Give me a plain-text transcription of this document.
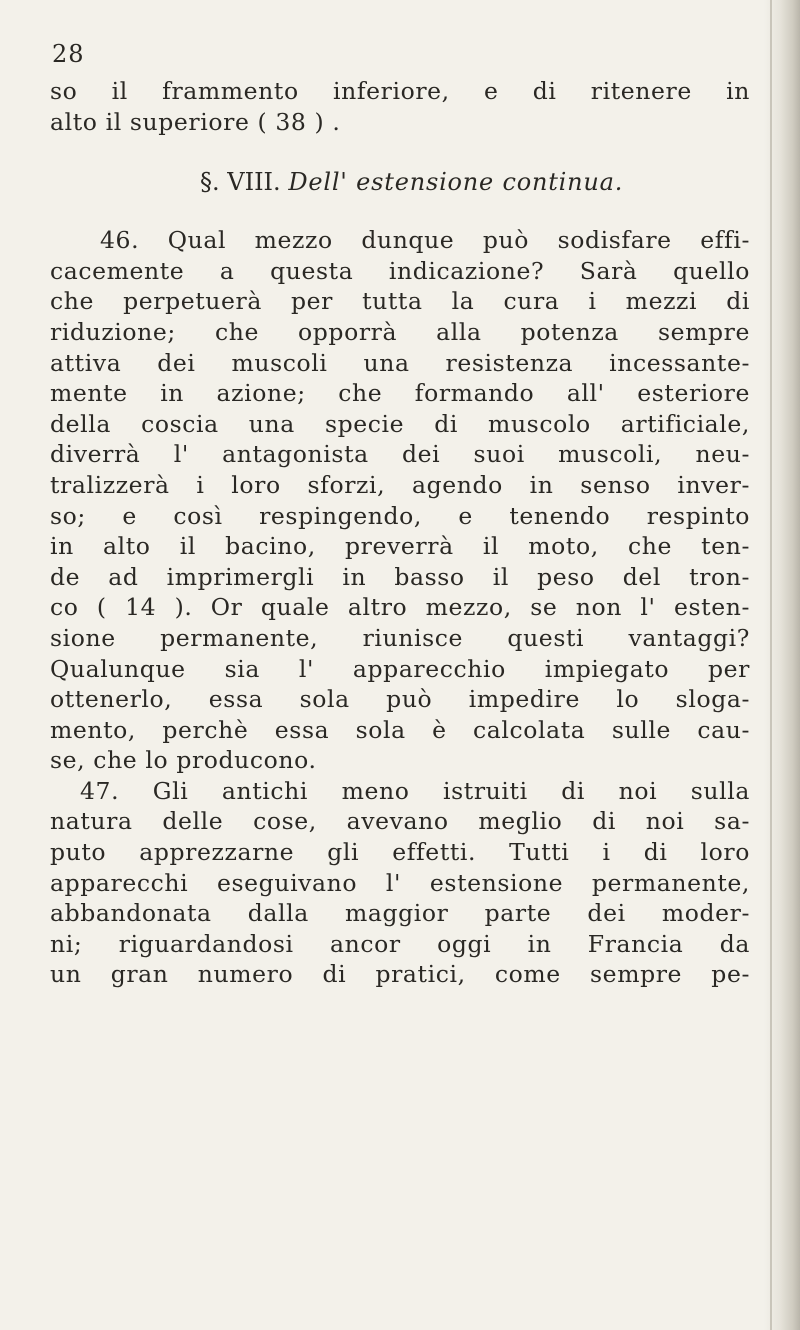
28
so il frammento inferiore, e di ritenere in
alto il superiore ( 38 ) .
§. VIII. Dell' estensione continua.
46. Qual mezzo dunque può sodisfare effi-
cacemente a questa indicazione? Sarà quello
che perpetuerà per tutta la cura i mezzi di
riduzione; che opporrà alla potenza sempre
attiva dei muscoli una resistenza incessante-
mente in azione; che formando all' esteriore
della coscia una specie di muscolo artificiale,
diverrà l' antagonista dei suoi muscoli, neu-
tralizzerà i loro sforzi, agendo in senso inver-
so; e così respingendo, e tenendo respinto
in alto il bacino, preverrà il moto, che ten-
de ad imprimergli in basso il peso del tron-
co ( 14 ). Or quale altro mezzo, se non l' esten-
sione permanente, riunisce questi vantaggi?
Qualunque sia l' apparecchio impiegato per
ottenerlo, essa sola può impedire lo sloga-
mento, perchè essa sola è calcolata sulle cau-
se, che lo producono.
47. Gli antichi meno istruiti di noi sulla
natura delle cose, avevano meglio di noi sa-
puto apprezzarne gli effetti. Tutti i di loro
apparecchi eseguivano l' estensione permanente,
abbandonata dalla maggior parte dei moder-
ni; riguardandosi ancor oggi in Francia da
un gran numero di pratici, come sempre pe-
